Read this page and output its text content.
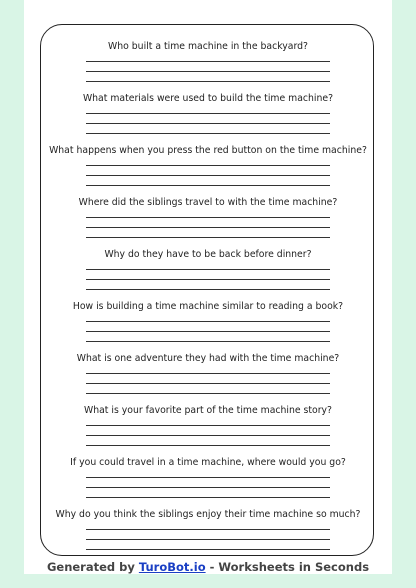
Who built a time machine in the backyard?
What materials were used to build the time machine?
What happens when you press the red button on the time machine?
Where did the siblings travel to with the time machine?
Why do they have to be back before dinner?
How is building a time machine similar to reading a book?
What is one adventure they had with the time machine?
What is your favorite part of the time machine story?
If you could travel in a time machine, where would you go?
Why do you think the siblings enjoy their time machine so much?
Generated by TuroBot.io - Worksheets in Seconds
